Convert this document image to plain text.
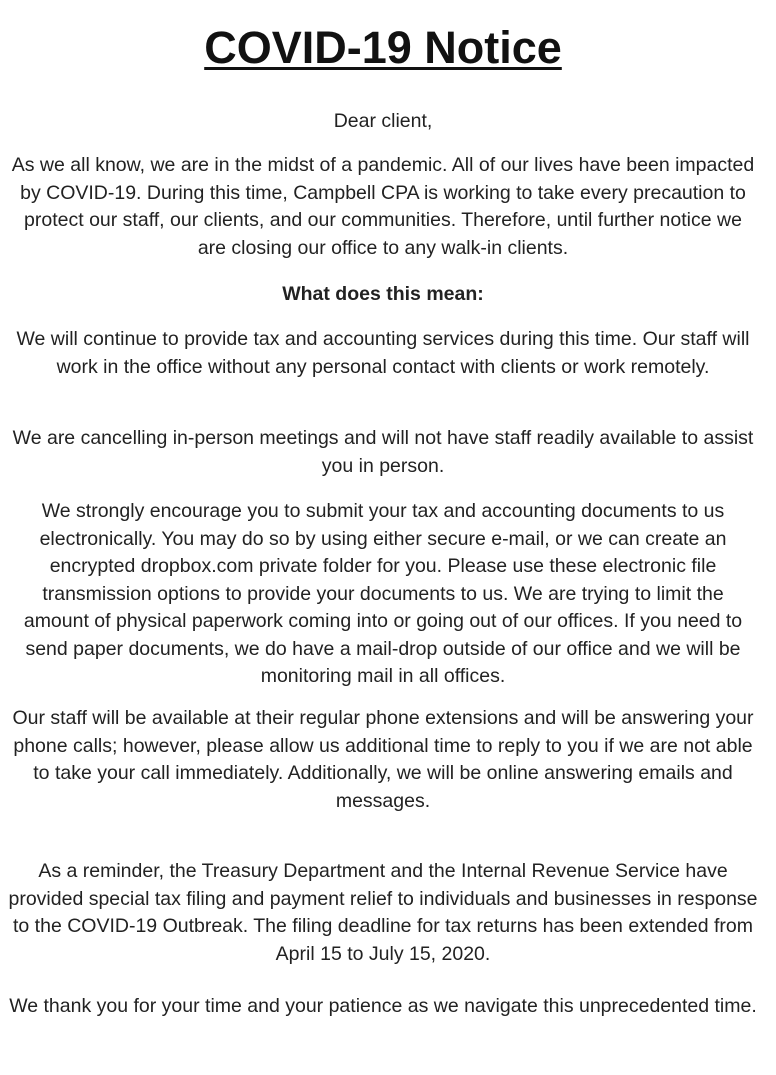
COVID-19 Notice

Dear client,

As we all know, we are in the midst of a pandemic. All of our lives have been impacted by COVID-19. During this time, Campbell CPA is working to take every precaution to protect our staff, our clients, and our communities. Therefore, until further notice we are closing our office to any walk-in clients.

What does this mean:

We will continue to provide tax and accounting services during this time. Our staff will work in the office without any personal contact with clients or work remotely.

We are cancelling in-person meetings and will not have staff readily available to assist you in person.

We strongly encourage you to submit your tax and accounting documents to us electronically. You may do so by using either secure e-mail, or we can create an encrypted dropbox.com private folder for you. Please use these electronic file transmission options to provide your documents to us. We are trying to limit the amount of physical paperwork coming into or going out of our offices. If you need to send paper documents, we do have a mail-drop outside of our office and we will be monitoring mail in all offices.

Our staff will be available at their regular phone extensions and will be answering your phone calls; however, please allow us additional time to reply to you if we are not able to take your call immediately. Additionally, we will be online answering emails and messages.

As a reminder, the Treasury Department and the Internal Revenue Service have provided special tax filing and payment relief to individuals and businesses in response to the COVID-19 Outbreak. The filing deadline for tax returns has been extended from April 15 to July 15, 2020.

We thank you for your time and your patience as we navigate this unprecedented time.
